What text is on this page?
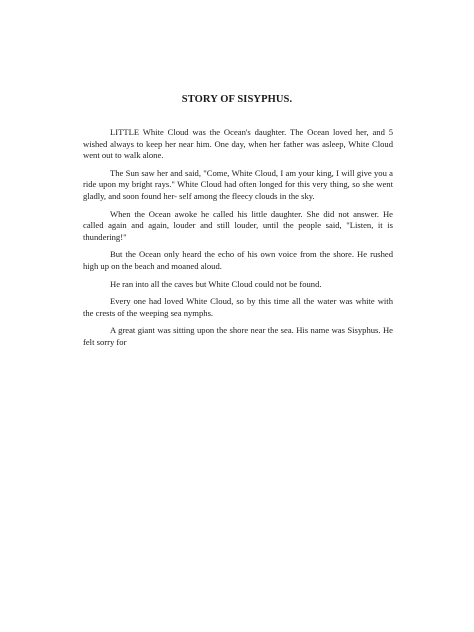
STORY OF SISYPHUS.

LITTLE White Cloud was the Ocean's daughter. The Ocean loved her, and 5 wished always to keep her near him. One day, when her father was asleep, White Cloud went out to walk alone.

The Sun saw her and said, "Come, White Cloud, I am your king, I will give you a ride upon my bright rays." White Cloud had often longed for this very thing, so she went gladly, and soon found her- self among the fleecy clouds in the sky.

When the Ocean awoke he called his little daughter. She did not answer. He called again and again, louder and still louder, until the people said, "Listen, it is thundering!"

But the Ocean only heard the echo of his own voice from the shore. He rushed high up on the beach and moaned aloud.

He ran into all the caves but White Cloud could not be found.

Every one had loved White Cloud, so by this time all the water was white with the crests of the weeping sea nymphs.

A great giant was sitting upon the shore near the sea. His name was Sisyphus. He felt sorry for
